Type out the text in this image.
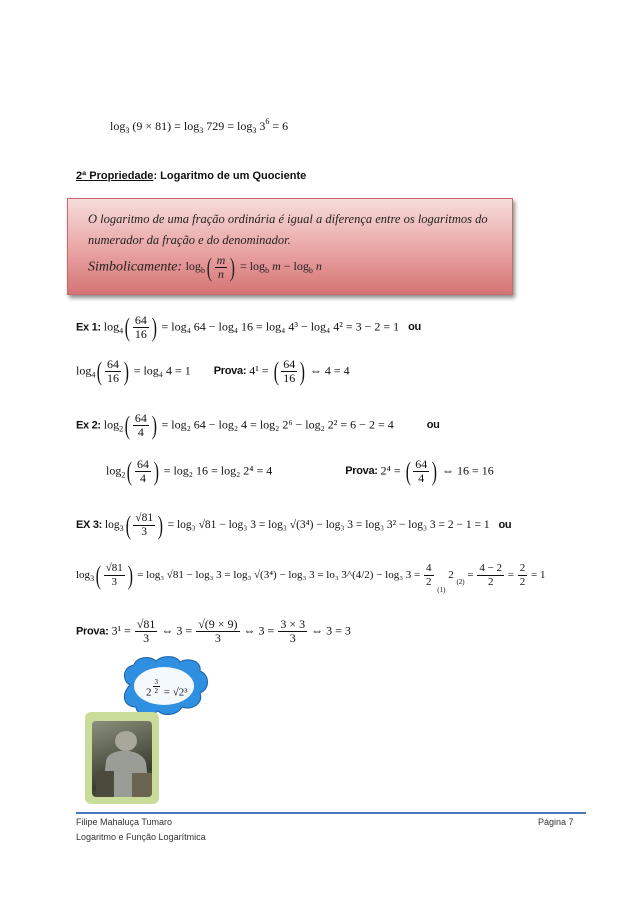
$\log_3 (9 \times 81) = \log_3 729 = \log_3 3^6 = 6$
2ª Propriedade: Logaritmo de um Quociente
O logaritmo de uma fração ordinária é igual a diferença entre os logaritmos do numerador da fração e do denominador.
Simbolicamente: $\log_b( \frac{m}{n}$ ) = $\log_b m - \log_b n$
Ex 1: $\log_4( \frac{64}{16}$ ) = log₄ 64 − log₄ 16 = log₄ 4³ − log₄ 4² = 3 − 2 = 1 ou
$\log_4( \frac{64}{16}$ ) = log₄ 4 = 1 Prova: 4¹ = ( $\frac{64}{16}$ ) ⇔ 4 = 4
Ex 2: $\log_2( \frac{64}{4}$ ) = log₂ 64 − log₂ 4 = log₂ 2⁶ − log₂ 2² = 6 − 2 = 4	ou
$\log_2( \frac{64}{4}$ ) = log₂ 16 = log₂ 2⁴ = 4	Prova: 2⁴ = ( $\frac{64}{4}$ ) ⇔ 16 = 16
EX 3: $\log_3( \frac{√81}{3}$ ) = log₃ √81 − log₃ 3 = log₃ √(3⁴) − log₃ 3 = log₃ 3² − log₃ 3 = 2 − 1 = 1 ou
$\log_3( \frac{√81}{3}$ ) = log₃ √81 − log₃ 3 = log₃ √(3⁴) − log₃ 3 = lo₃ 3^(4/2) − log₃ $3 = \frac{4}{2}$
$_{(1)}$ 2 $_{(2)} = \frac{4 - 2}{2} = \frac{2}{2} = 1$
Prova: $3^1 = \frac{√81}{3}$ ⇔ $3 = \frac{√(9 \times 9)}{3}$ ⇔ $3 = \frac{3 \times 3}{3}$ ⇔ 3 = 3
2 $^{\frac{3}{2}}$ = √2³
Filipe Mahaluça Tumaro
Logaritmo e Função Logarítmica
Página 7
